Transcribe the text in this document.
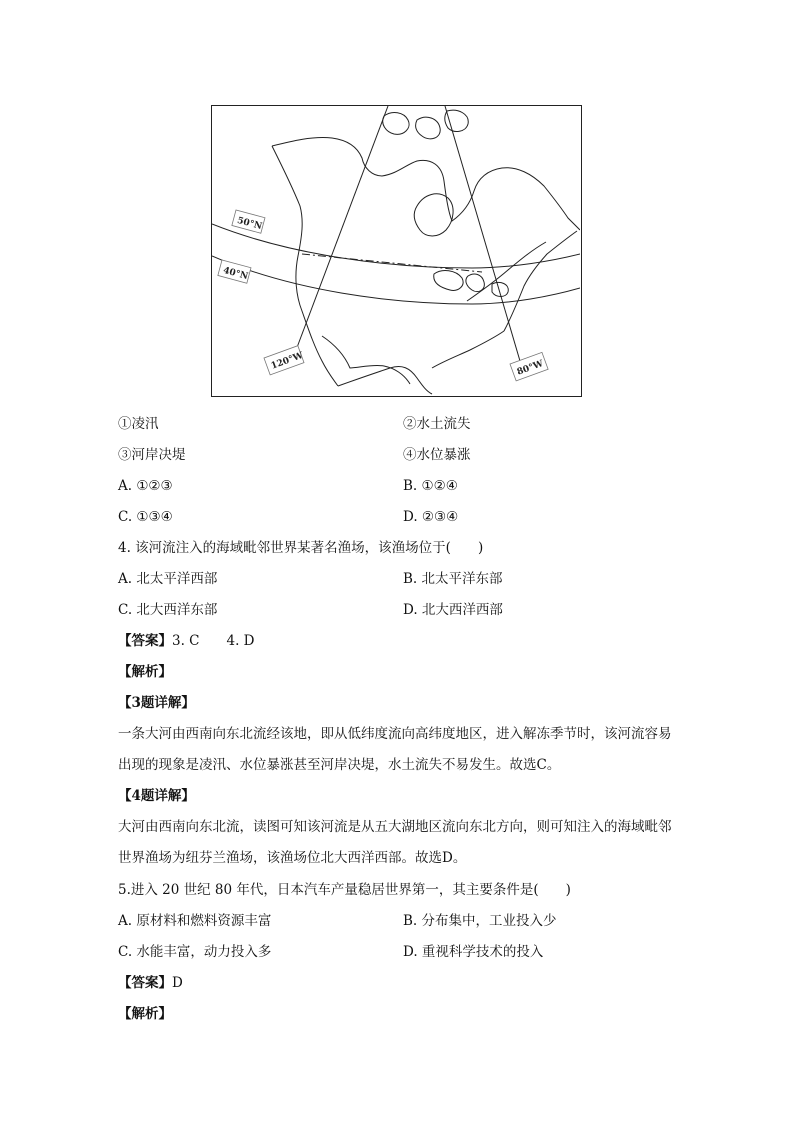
50°N
40°N
120°W	80°W
①凌汛	②水土流失
③河岸决堤	④水位暴涨
A. ①②③	B. ①②④
C. ①③④	D. ②③④
4. 该河流注入的海域毗邻世界某著名渔场，该渔场位于(　　)
A. 北太平洋西部	B. 北太平洋东部
C. 北大西洋东部	D. 北大西洋西部
【答案】3. C　　4. D
【解析】
【3题详解】
一条大河由西南向东北流经该地，即从低纬度流向高纬度地区，进入解冻季节时，该河流容易出现的现象是凌汛、水位暴涨甚至河岸决堤，水土流失不易发生。故选C。
【4题详解】
大河由西南向东北流，读图可知该河流是从五大湖地区流向东北方向，则可知注入的海域毗邻世界渔场为纽芬兰渔场，该渔场位北大西洋西部。故选D。
5.进入 20 世纪 80 年代，日本汽车产量稳居世界第一，其主要条件是(　　)
A. 原材料和燃料资源丰富	B. 分布集中，工业投入少
C. 水能丰富，动力投入多	D. 重视科学技术的投入
【答案】D
【解析】
